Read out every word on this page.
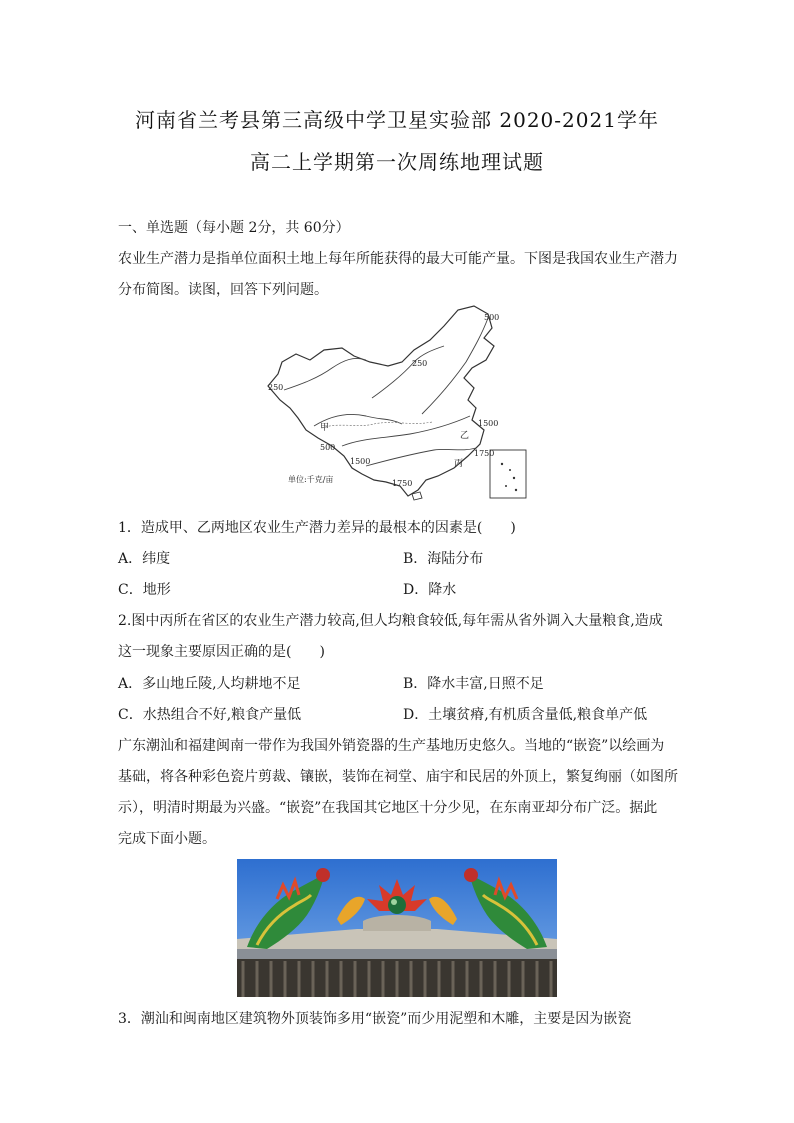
河南省兰考县第三高级中学卫星实验部 2020-2021学年
高二上学期第一次周练地理试题
一、单选题（每小题 2分，共 60分）
农业生产潜力是指单位面积土地上每年所能获得的最大可能产量。下图是我国农业生产潜力
分布简图。读图，回答下列问题。
500
250
250
1500
甲
乙
丙
500
1500
1750
1750
单位:千克/亩
1．造成甲、乙两地区农业生产潜力差异的最根本的因素是(　　)
A．纬度	B．海陆分布
C．地形	D．降水
2.图中丙所在省区的农业生产潜力较高,但人均粮食较低,每年需从省外调入大量粮食,造成
这一现象主要原因正确的是(　　)
A．多山地丘陵,人均耕地不足	B．降水丰富,日照不足
C．水热组合不好,粮食产量低	D．土壤贫瘠,有机质含量低,粮食单产低
广东潮汕和福建闽南一带作为我国外销瓷器的生产基地历史悠久。当地的“嵌瓷”以绘画为
基础，将各种彩色瓷片剪裁、镶嵌，装饰在祠堂、庙宇和民居的外顶上，繁复绚丽（如图所
示），明清时期最为兴盛。“嵌瓷”在我国其它地区十分少见，在东南亚却分布广泛。据此
完成下面小题。
3．潮汕和闽南地区建筑物外顶装饰多用“嵌瓷”而少用泥塑和木雕，主要是因为嵌瓷
